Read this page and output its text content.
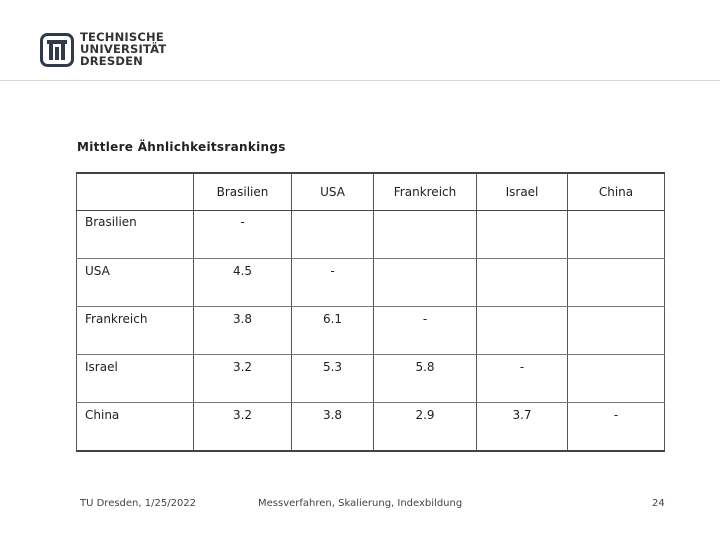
TECHNISCHE
UNIVERSITÄT
DRESDEN
Mittlere Ähnlichkeitsrankings
	Brasilien	USA	Frankreich	Israel	China
Brasilien	-				
USA	4.5	-			
Frankreich	3.8	6.1	-		
Israel	3.2	5.3	5.8	-	
China	3.2	3.8	2.9	3.7	-
TU Dresden, 1/25/2022	Messverfahren, Skalierung, Indexbildung	24
